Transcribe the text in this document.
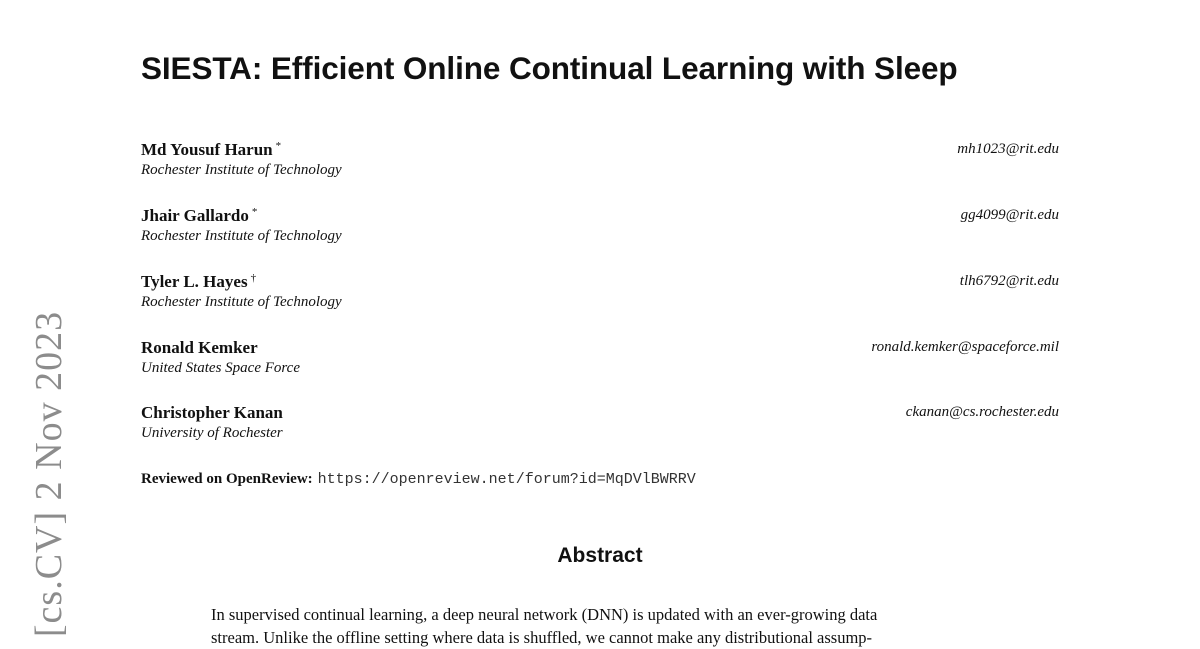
[cs.CV] 2 Nov 2023
SIESTA: Efficient Online Continual Learning with Sleep
Md Yousuf Harun *
Rochester Institute of Technology
mh1023@rit.edu
Jhair Gallardo *
Rochester Institute of Technology
gg4099@rit.edu
Tyler L. Hayes †
Rochester Institute of Technology
tlh6792@rit.edu
Ronald Kemker
United States Space Force
ronald.kemker@spaceforce.mil
Christopher Kanan
University of Rochester
ckanan@cs.rochester.edu
Reviewed on OpenReview: https://openreview.net/forum?id=MqDVlBWRRV
Abstract
In supervised continual learning, a deep neural network (DNN) is updated with an ever-growing data
stream. Unlike the offline setting where data is shuffled, we cannot make any distributional assump-
